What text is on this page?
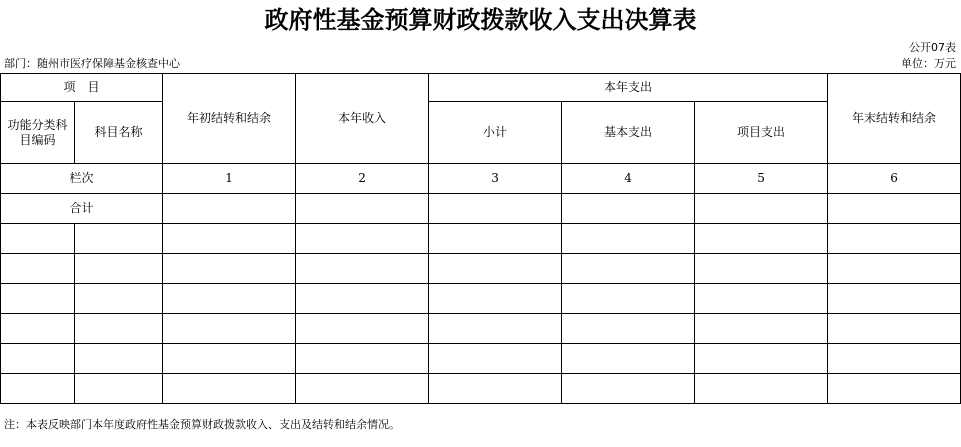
政府性基金预算财政拨款收入支出决算表
公开07表
部门：随州市医疗保障基金核查中心	单位：万元
项　目		年初结转和结余	本年收入	本年支出			年末结转和结余
功能分类科目编码	科目名称			小计	基本支出	项目支出	
栏次		1	2	3	4	5	6
合计							

注：本表反映部门本年度政府性基金预算财政拨款收入、支出及结转和结余情况。
